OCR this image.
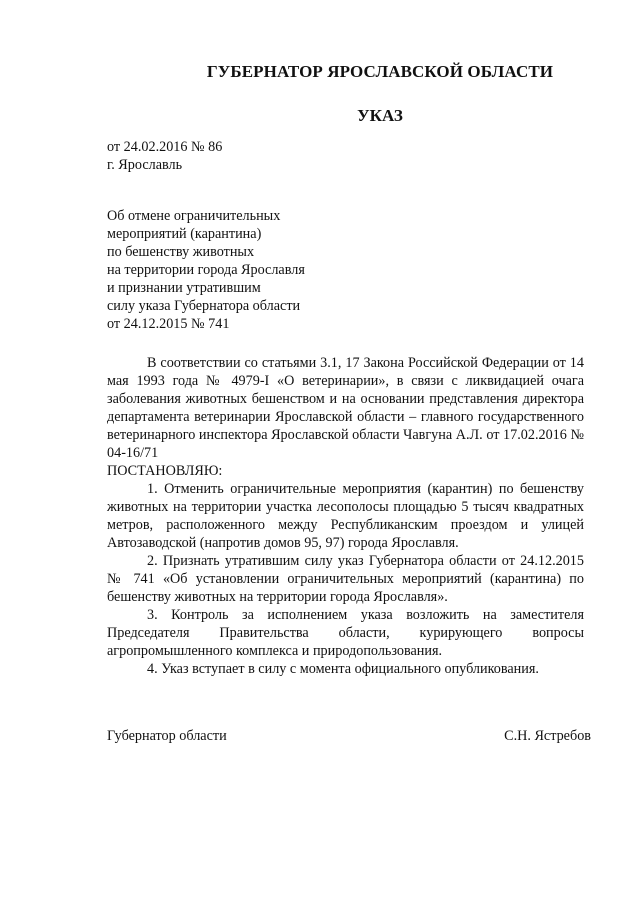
ГУБЕРНАТОР ЯРОСЛАВСКОЙ ОБЛАСТИ
УКАЗ
от 24.02.2016 № 86
г. Ярославль
Об отмене ограничительных
мероприятий (карантина)
по бешенству животных
на территории города Ярославля
и признании утратившим
силу указа Губернатора области
от 24.12.2015 № 741
В соответствии со статьями 3.1, 17 Закона Российской Федерации от 14 мая 1993 года № 4979-I «О ветеринарии», в связи с ликвидацией очага заболевания животных бешенством и на основании представления директора департамента ветеринарии Ярославской области – главного государственного ветеринарного инспектора Ярославской области Чавгуна А.Л. от 17.02.2016 № 04-16/71
ПОСТАНОВЛЯЮ:
1. Отменить ограничительные мероприятия (карантин) по бешенству животных на территории участка лесополосы площадью 5 тысяч квадратных метров, расположенного между Республиканским проездом и улицей Автозаводской (напротив домов 95, 97) города Ярославля.
2. Признать утратившим силу указ Губернатора области от 24.12.2015 № 741 «Об установлении ограничительных мероприятий (карантина) по бешенству животных на территории города Ярославля».
3. Контроль за исполнением указа возложить на заместителя Председателя Правительства области, курирующего вопросы агропромышленного комплекса и природопользования.
4. Указ вступает в силу с момента официального опубликования.
Губернатор области	С.Н. Ястребов
